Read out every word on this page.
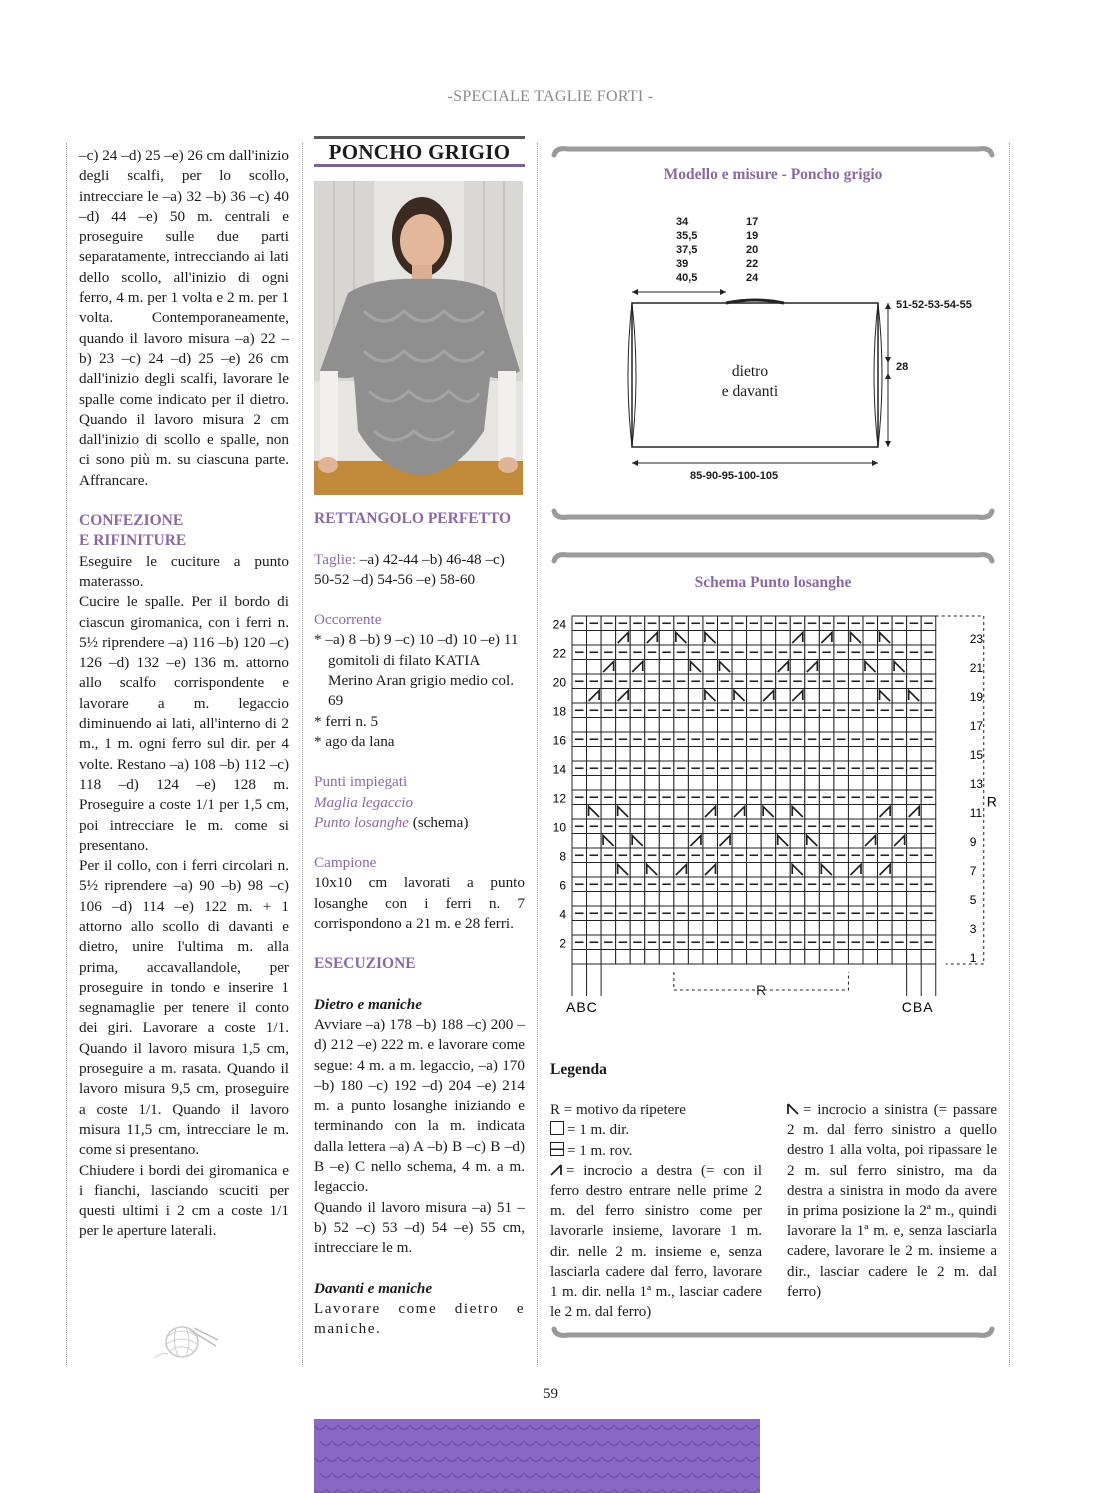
-SPECIALE TAGLIE FORTI -

–c) 24 –d) 25 –e) 26 cm dall'inizio degli scalfi, per lo scollo, intrecciare le –a) 32 –b) 36 –c) 40 –d) 44 –e) 50 m. centrali e proseguire sulle due parti separatamente, intrecciando ai lati dello scollo, all'inizio di ogni ferro, 4 m. per 1 volta e 2 m. per 1 volta. Contemporaneamente, quando il lavoro misura –a) 22 –b) 23 –c) 24 –d) 25 –e) 26 cm dall'inizio degli scalfi, lavorare le spalle come indicato per il dietro. Quando il lavoro misura 2 cm dall'inizio di scollo e spalle, non ci sono più m. su ciascuna parte. Affrancare.

CONFEZIONE
E RIFINITURE

Eseguire le cuciture a punto materasso.

Cucire le spalle. Per il bordo di ciascun giromanica, con i ferri n. 5½ riprendere –a) 116 –b) 120 –c) 126 –d) 132 –e) 136 m. attorno allo scalfo corrispondente e lavorare a m. legaccio diminuendo ai lati, all'interno di 2 m., 1 m. ogni ferro sul dir. per 4 volte. Restano –a) 108 –b) 112 –c) 118 –d) 124 –e) 128 m. Proseguire a coste 1/1 per 1,5 cm, poi intrecciare le m. come si presentano.

Per il collo, con i ferri circolari n. 5½ riprendere –a) 90 –b) 98 –c) 106 –d) 114 –e) 122 m. + 1 attorno allo scollo di davanti e dietro, unire l'ultima m. alla prima, accavallandole, per proseguire in tondo e inserire 1 segnamaglie per tenere il conto dei giri. Lavorare a coste 1/1. Quando il lavoro misura 1,5 cm, proseguire a m. rasata. Quando il lavoro misura 9,5 cm, proseguire a coste 1/1. Quando il lavoro misura 11,5 cm, intrecciare le m. come si presentano.

Chiudere i bordi dei giromanica e i fianchi, lasciando scuciti per questi ultimi i 2 cm a coste 1/1 per le aperture laterali.

PONCHO GRIGIO
RETTANGOLO PERFETTO

Taglie: –a) 42-44 –b) 46-48 –c) 50-52 –d) 54-56 –e) 58-60

Occorrente

* –a) 8 –b) 9 –c) 10 –d) 10 –e) 11 gomitoli di filato KATIA Merino Aran grigio medio col. 69

* ferri n. 5

* ago da lana

Punti impiegati

Maglia legaccio

Punto losanghe (schema)

Campione

10x10 cm lavorati a punto losanghe con i ferri n. 7 corrispondono a 21 m. e 28 ferri.

ESECUZIONE

Dietro e maniche

Avviare –a) 178 –b) 188 –c) 200 –d) 212 –e) 222 m. e lavorare come segue: 4 m. a m. legaccio, –a) 170 –b) 180 –c) 192 –d) 204 –e) 214 m. a punto losanghe iniziando e terminando con la m. indicata dalla lettera –a) A –b) B –c) B –d) B –e) C nello schema, 4 m. a m. legaccio.

Quando il lavoro misura –a) 51 –b) 52 –c) 53 –d) 54 –e) 55 cm, intrecciare le m.

Davanti e maniche

Lavorare come dietro e maniche.

Modello e misure - Poncho grigio
34
35,5
37,5
39
40,5
17
19
20
22
24
51-52-53-54-55
28
85-90-95-100-105
dietro
e davanti
Schema Punto losanghe
24
22
20
18
16
14
12
10
8
6
4
2
23
21
19
17
15
13
11
9
7
5
3
1
R
R
ABC	CBA
Legenda
R = motivo da ripetere
= 1 m. dir.
= 1 m. rov.
= incrocio a destra (= con il ferro destro entrare nelle prime 2 m. del ferro sinistro come per lavorarle insieme, lavorare 1 m. dir. nelle 2 m. insieme e, senza lasciarla cadere dal ferro, lavorare 1 m. dir. nella 1ª m., lasciar cadere le 2 m. dal ferro)
= incrocio a sinistra (= passare 2 m. dal ferro sinistro a quello destro 1 alla volta, poi ripassare le 2 m. sul ferro sinistro, ma da destra a sinistra in modo da avere in prima posizione la 2ª m., quindi lavorare la 1ª m. e, senza lasciarla cadere, lavorare le 2 m. insieme a dir., lasciar cadere le 2 m. dal ferro)
59
